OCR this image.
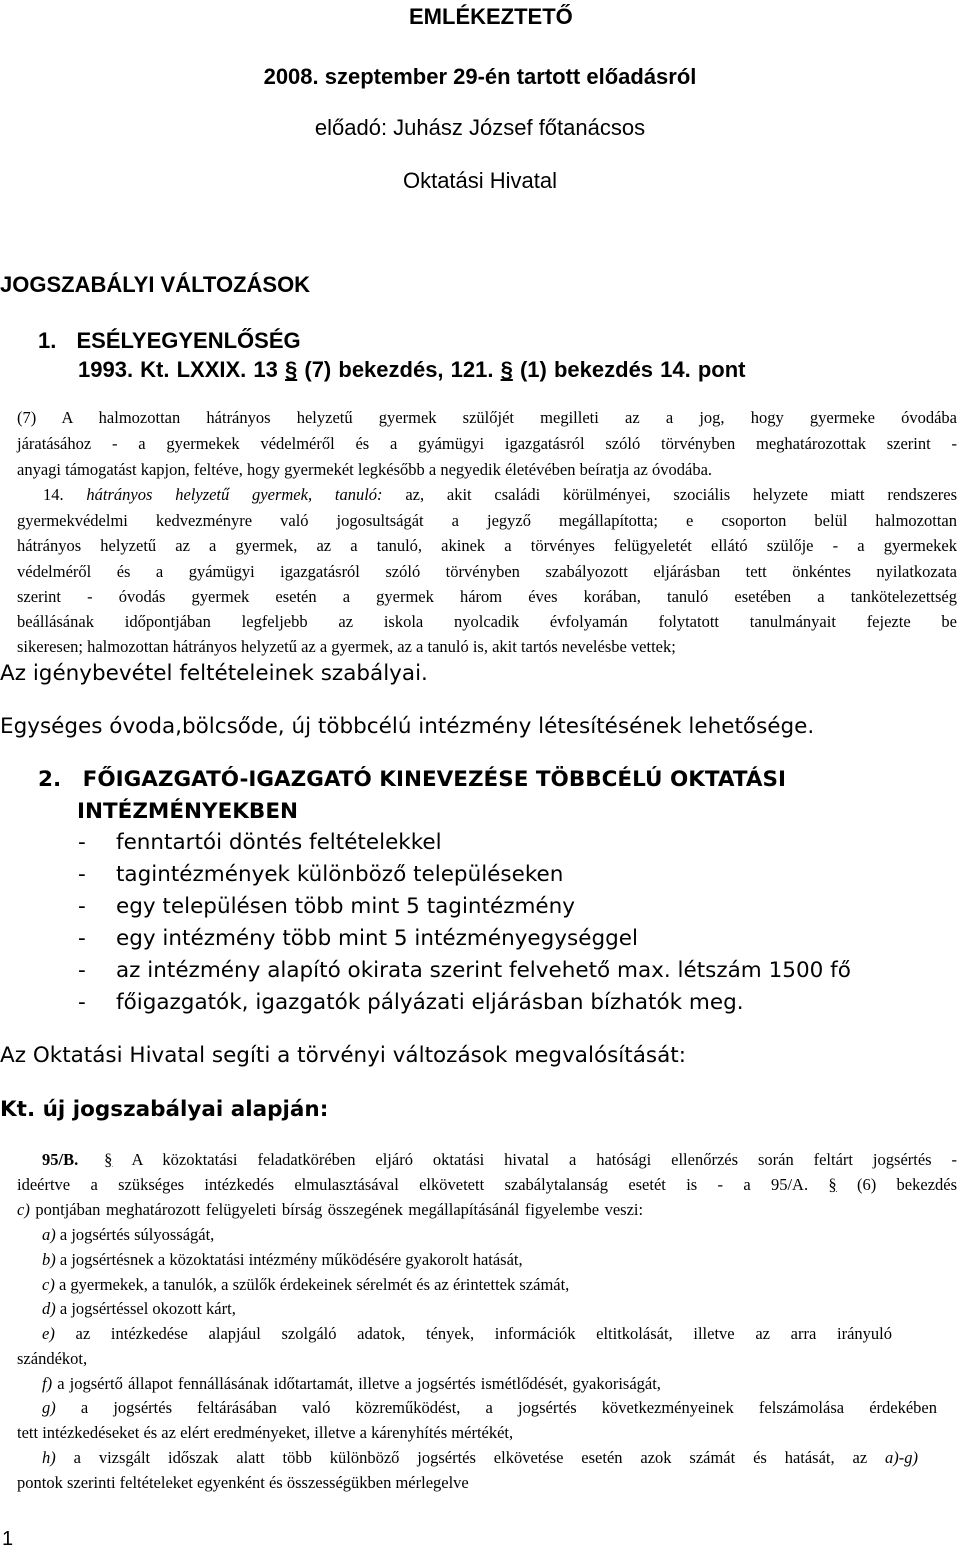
EMLÉKEZTETŐ
2008. szeptember 29-én tartott előadásról
előadó: Juhász József főtanácsos
Oktatási Hivatal
JOGSZABÁLYI VÁLTOZÁSOK
1. ESÉLYEGYENLŐSÉG
1993. Kt. LXXIX. 13 § (7) bekezdés, 121. § (1) bekezdés 14. pont
(7) A halmozottan hátrányos helyzetű gyermek szülőjét megilleti az a jog, hogy gyermeke óvodába
járatásához - a gyermekek védelméről és a gyámügyi igazgatásról szóló törvényben meghatározottak szerint -
anyagi támogatást kapjon, feltéve, hogy gyermekét legkésőbb a negyedik életévében beíratja az óvodába.
14. hátrányos helyzetű gyermek, tanuló: az, akit családi körülményei, szociális helyzete miatt rendszeres
gyermekvédelmi kedvezményre való jogosultságát a jegyző megállapította; e csoporton belül halmozottan
hátrányos helyzetű az a gyermek, az a tanuló, akinek a törvényes felügyeletét ellátó szülője - a gyermekek
védelméről és a gyámügyi igazgatásról szóló törvényben szabályozott eljárásban tett önkéntes nyilatkozata
szerint - óvodás gyermek esetén a gyermek három éves korában, tanuló esetében a tankötelezettség
beállásának időpontjában legfeljebb az iskola nyolcadik évfolyamán folytatott tanulmányait fejezte be
sikeresen; halmozottan hátrányos helyzetű az a gyermek, az a tanuló is, akit tartós nevelésbe vettek;
Az igénybevétel feltételeinek szabályai.
Egységes óvoda,bölcsőde, új többcélú intézmény létesítésének lehetősége.
2. FŐIGAZGATÓ-IGAZGATÓ KINEVEZÉSE TÖBBCÉLÚ OKTATÁSI
INTÉZMÉNYEKBEN
- fenntartói döntés feltételekkel
- tagintézmények különböző településeken
- egy településen több mint 5 tagintézmény
- egy intézmény több mint 5 intézményegységgel
- az intézmény alapító okirata szerint felvehető max. létszám 1500 fő
- főigazgatók, igazgatók pályázati eljárásban bízhatók meg.
Az Oktatási Hivatal segíti a törvényi változások megvalósítását:
Kt. új jogszabályai alapján:
95/B. § A közoktatási feladatkörében eljáró oktatási hivatal a hatósági ellenőrzés során feltárt jogsértés -
ideértve a szükséges intézkedés elmulasztásával elkövetett szabálytalanság esetét is - a 95/A. § (6) bekezdés
c) pontjában meghatározott felügyeleti bírság összegének megállapításánál figyelembe veszi:
a) a jogsértés súlyosságát,
b) a jogsértésnek a közoktatási intézmény működésére gyakorolt hatását,
c) a gyermekek, a tanulók, a szülők érdekeinek sérelmét és az érintettek számát,
d) a jogsértéssel okozott kárt,
e) az intézkedése alapjául szolgáló adatok, tények, információk eltitkolását, illetve az arra irányuló
szándékot,
f) a jogsértő állapot fennállásának időtartamát, illetve a jogsértés ismétlődését, gyakoriságát,
g) a jogsértés feltárásában való közreműködést, a jogsértés következményeinek felszámolása érdekében
tett intézkedéseket és az elért eredményeket, illetve a kárenyhítés mértékét,
h) a vizsgált időszak alatt több különböző jogsértés elkövetése esetén azok számát és hatását, az a)-g)
pontok szerinti feltételeket egyenként és összességükben mérlegelve
1
